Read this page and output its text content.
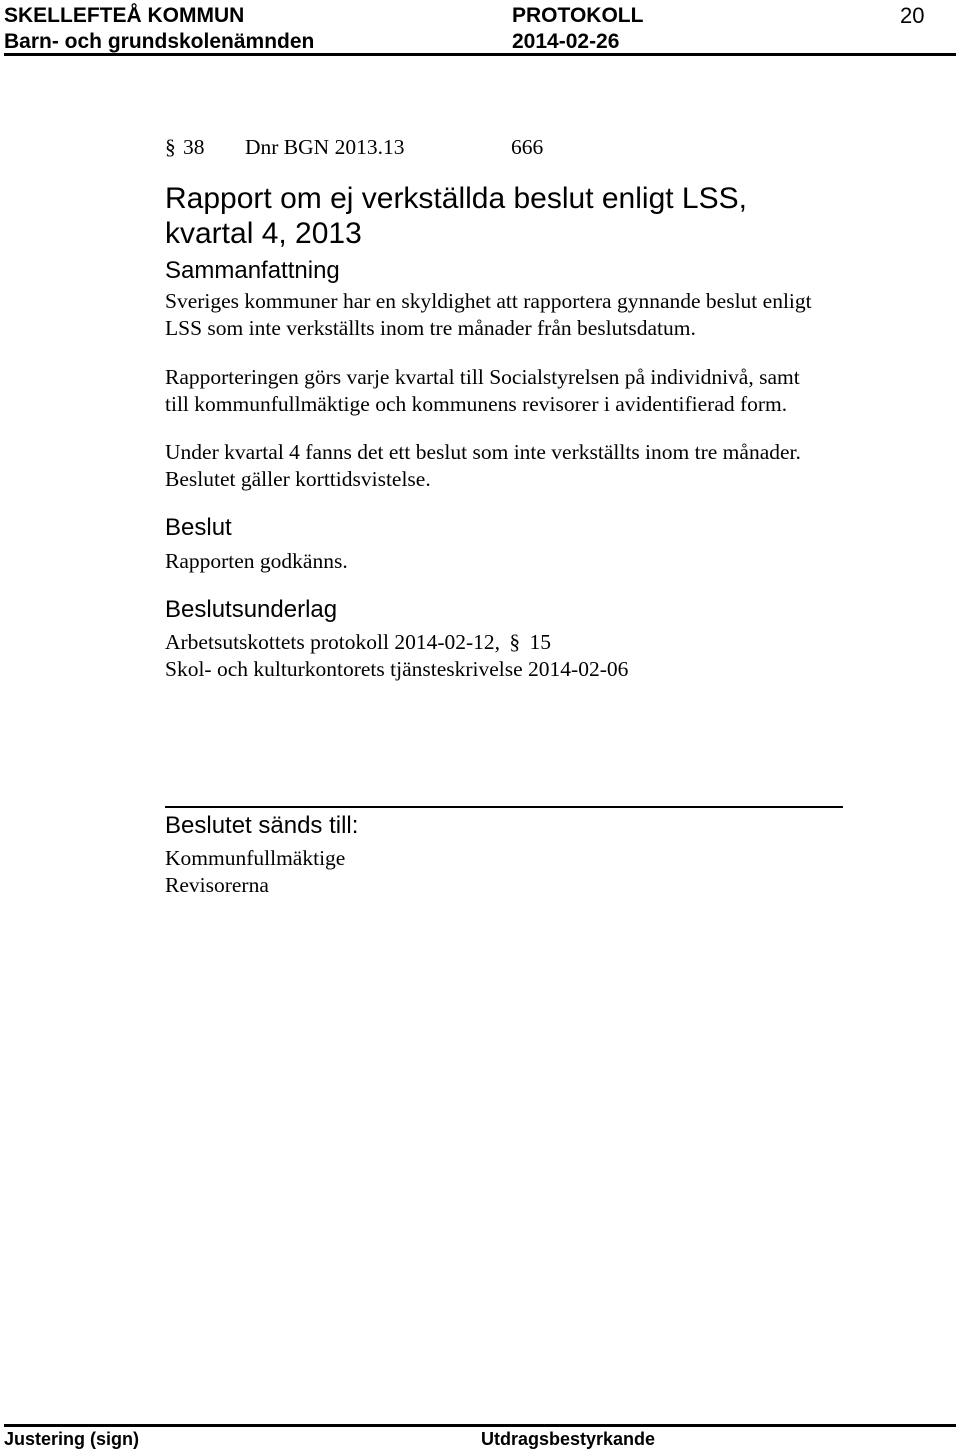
SKELLEFTEÅ KOMMUN
Barn- och grundskolenämnden
PROTOKOLL
2014-02-26
20
§ 38 Dnr BGN 2013.13	666
Rapport om ej verkställda beslut enligt LSS,
kvartal 4, 2013
Sammanfattning
Sveriges kommuner har en skyldighet att rapportera gynnande beslut enligt
LSS som inte verkställts inom tre månader från beslutsdatum.
Rapporteringen görs varje kvartal till Socialstyrelsen på individnivå, samt
till kommunfullmäktige och kommunens revisorer i avidentifierad form.
Under kvartal 4 fanns det ett beslut som inte verkställts inom tre månader.
Beslutet gäller korttidsvistelse.
Beslut
Rapporten godkänns.
Beslutsunderlag
Arbetsutskottets protokoll 2014-02-12, § 15
Skol- och kulturkontorets tjänsteskrivelse 2014-02-06
Beslutet sänds till:
Kommunfullmäktige
Revisorerna
Justering (sign)	Utdragsbestyrkande
